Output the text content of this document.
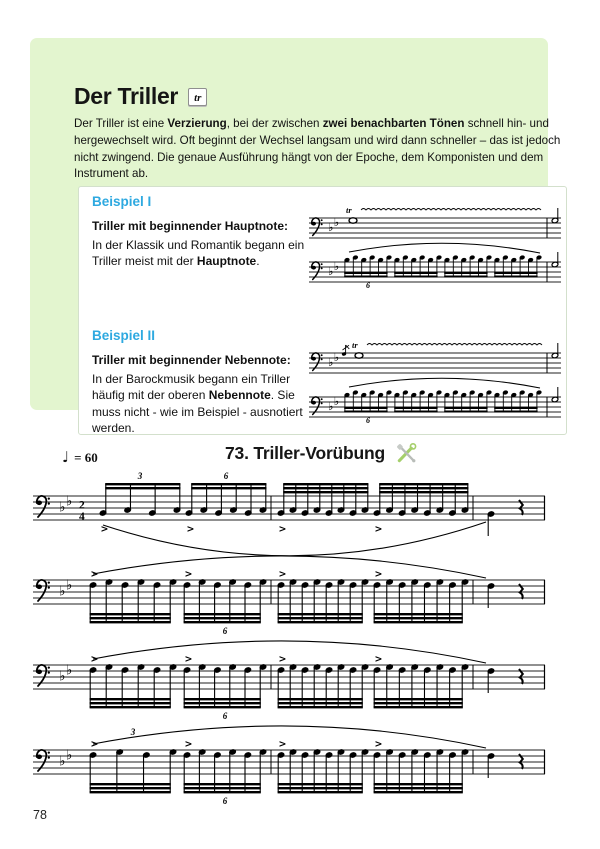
Der Triller	tr

Der Triller ist eine Verzierung, bei der zwischen zwei benachbarten Tönen schnell hin- und hergewechselt wird. Oft beginnt der Wechsel langsam und wird dann schneller – das ist jedoch nicht zwingend. Die genaue Ausführung hängt von der Epoche, dem Komponisten und dem Instrument ab.

Beispiel I

Triller mit beginnender Hauptnote:

In der Klassik und Romantik begann ein Triller meist mit der Hauptnote.

♭ ♭
tr
♭ ♭
6
Beispiel II

Triller mit beginnender Nebennote:

In der Barockmusik begann ein Triller häufig mit der oberen Nebennote. Sie muss nicht - wie im Beispiel - ausnotiert werden.

♭ ♭
tr
♭ ♭
6
♩ = 60	73. Triller-Vorübung
♭ ♭ 2
4
>
3
>
6
>	>
♭ ♭
>	>
6
>	>
♭ ♭
>	>
6
>	>
♭ ♭
>
3
>
6
>	>
78
